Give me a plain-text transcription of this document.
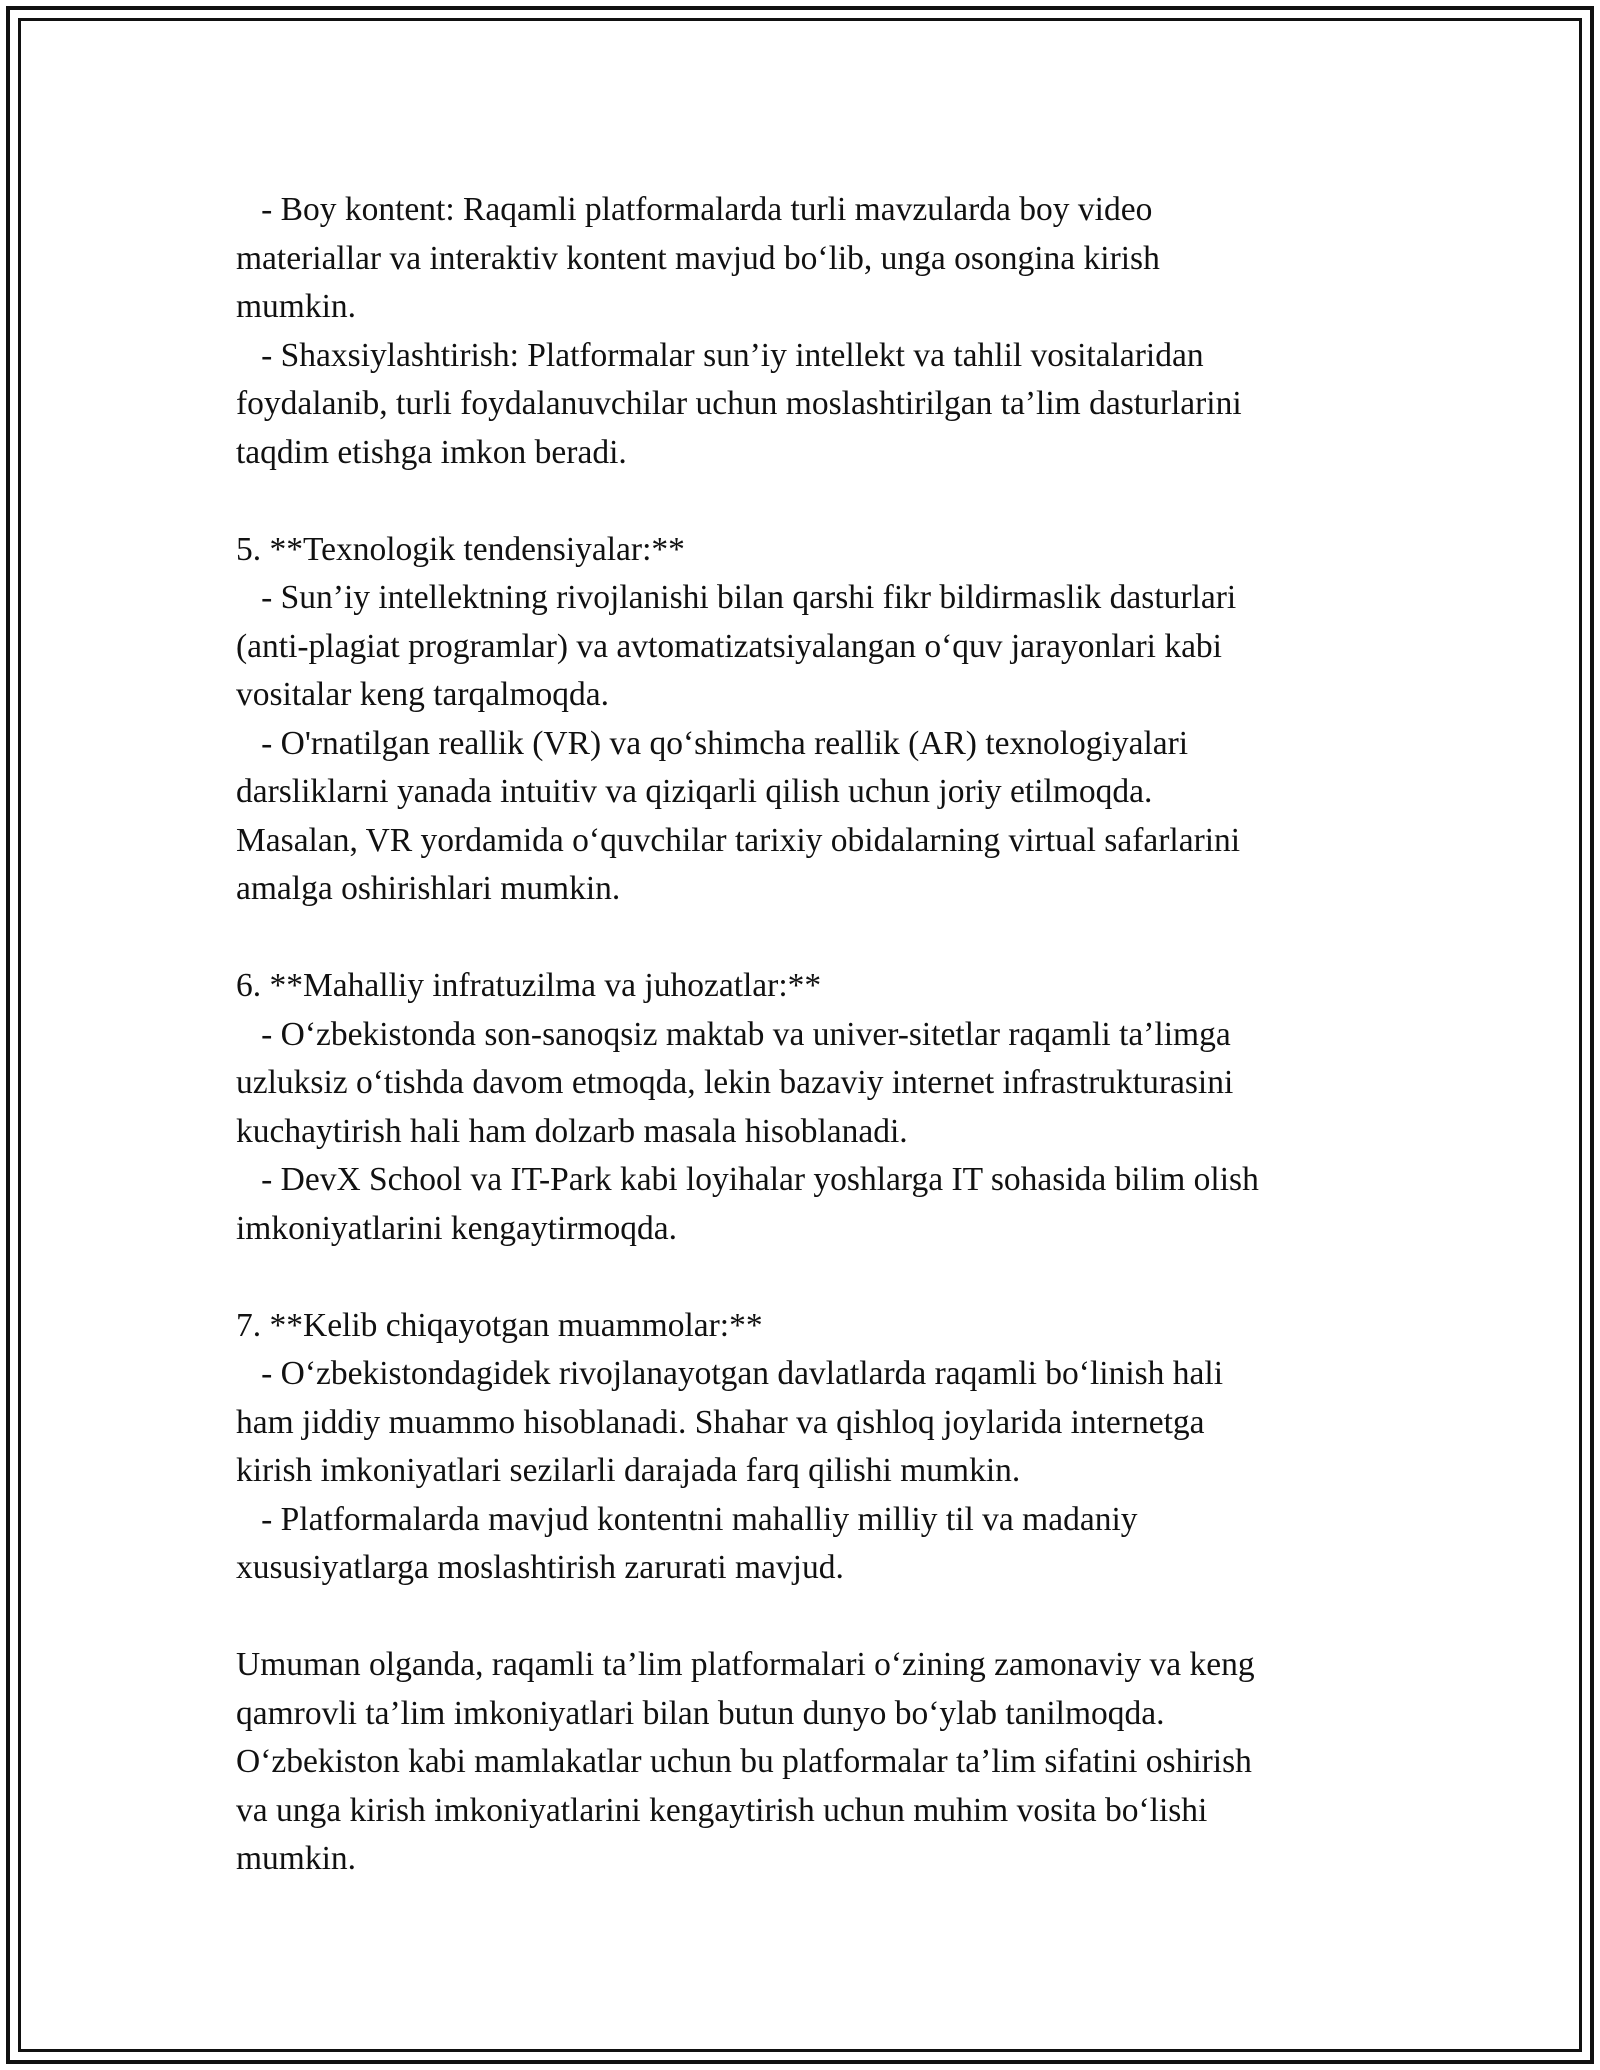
- Boy kontent: Raqamli platformalarda turli mavzularda boy video
materiallar va interaktiv kontent mavjud boʻlib, unga osongina kirish
mumkin.
- Shaxsiylashtirish: Platformalar sun’iy intellekt va tahlil vositalaridan
foydalanib, turli foydalanuvchilar uchun moslashtirilgan ta’lim dasturlarini
taqdim etishga imkon beradi.
5. **Texnologik tendensiyalar:**
- Sun’iy intellektning rivojlanishi bilan qarshi fikr bildirmaslik dasturlari
(anti-plagiat programlar) va avtomatizatsiyalangan oʻquv jarayonlari kabi
vositalar keng tarqalmoqda.
- O'rnatilgan reallik (VR) va qoʻshimcha reallik (AR) texnologiyalari
darsliklarni yanada intuitiv va qiziqarli qilish uchun joriy etilmoqda.
Masalan, VR yordamida oʻquvchilar tarixiy obidalarning virtual safarlarini
amalga oshirishlari mumkin.
6. **Mahalliy infratuzilma va juhozatlar:**
- Oʻzbekistonda son-sanoqsiz maktab va univer-sitetlar raqamli ta’limga
uzluksiz oʻtishda davom etmoqda, lekin bazaviy internet infrastrukturasini
kuchaytirish hali ham dolzarb masala hisoblanadi.
- DevX School va IT-Park kabi loyihalar yoshlarga IT sohasida bilim olish
imkoniyatlarini kengaytirmoqda.
7. **Kelib chiqayotgan muammolar:**
- Oʻzbekistondagidek rivojlanayotgan davlatlarda raqamli boʻlinish hali
ham jiddiy muammo hisoblanadi. Shahar va qishloq joylarida internetga
kirish imkoniyatlari sezilarli darajada farq qilishi mumkin.
- Platformalarda mavjud kontentni mahalliy milliy til va madaniy
xususiyatlarga moslashtirish zarurati mavjud.
Umuman olganda, raqamli ta’lim platformalari oʻzining zamonaviy va keng
qamrovli ta’lim imkoniyatlari bilan butun dunyo boʻylab tanilmoqda.
Oʻzbekiston kabi mamlakatlar uchun bu platformalar ta’lim sifatini oshirish
va unga kirish imkoniyatlarini kengaytirish uchun muhim vosita boʻlishi
mumkin.
